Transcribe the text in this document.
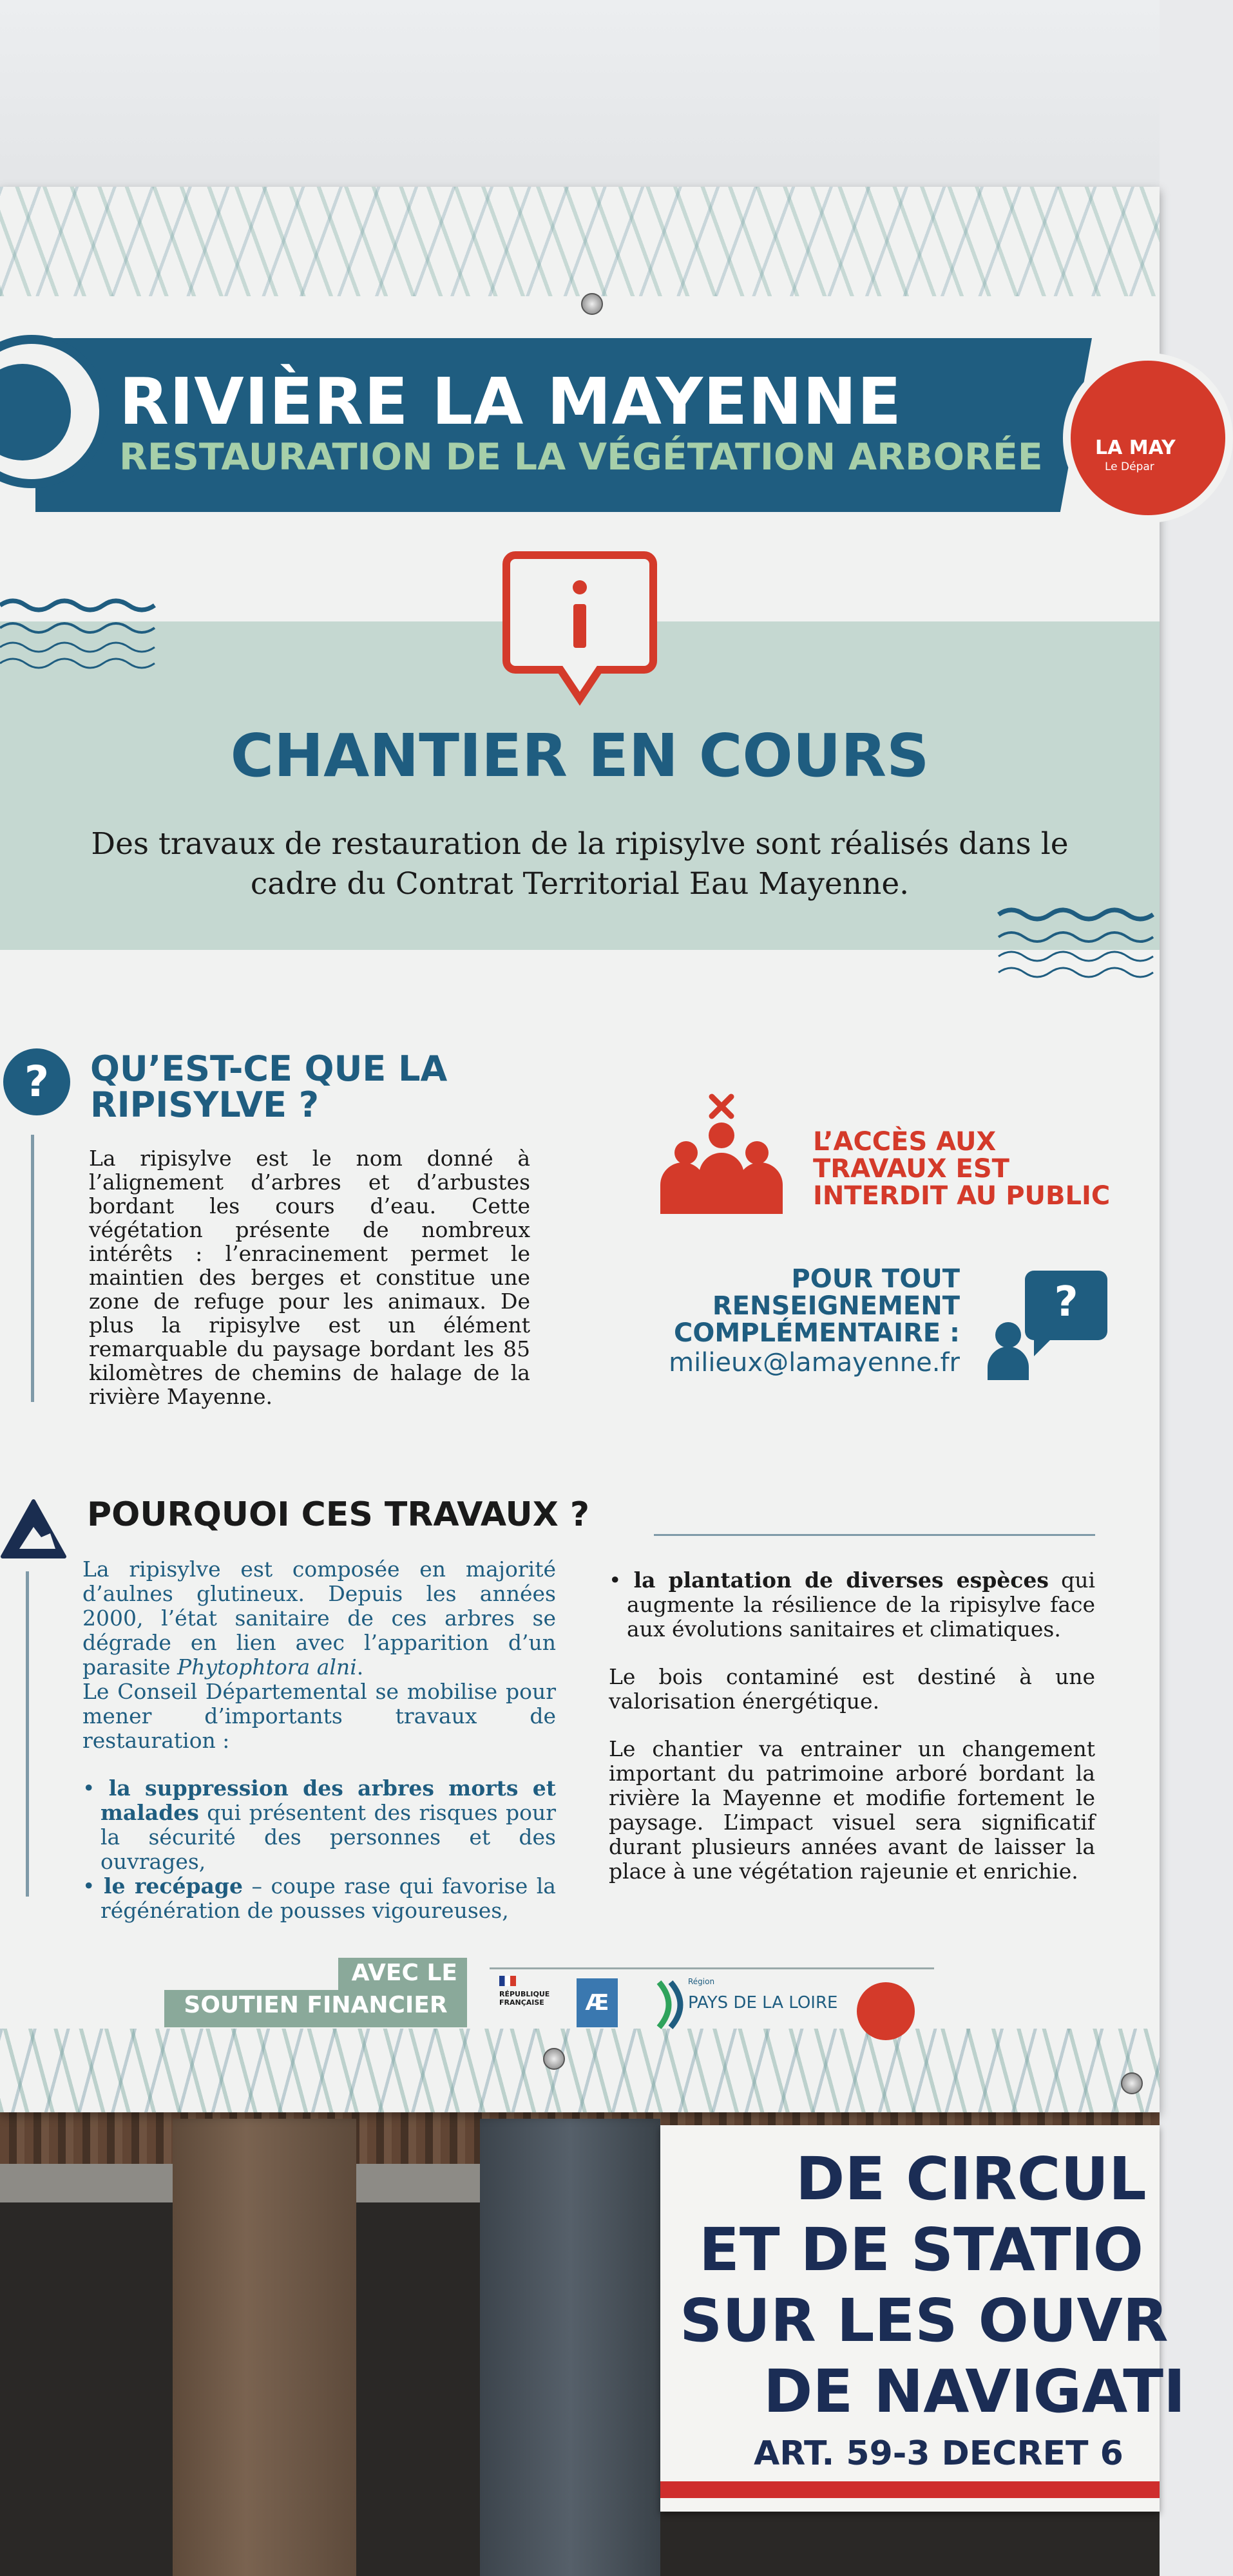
DE CIRCUL
ET DE STATIO
SUR LES OUVR
DE NAVIGATI
ART. 59-3 DECRET 6
RIVIÈRE LA MAYENNE
RESTAURATION DE LA VÉGÉTATION ARBORÉE	LA MAY
Le Dépar
CHANTIER EN COURS
Des travaux de restauration de la ripisylve sont réalisés dans le
cadre du Contrat Territorial Eau Mayenne.
?	QU’EST-CE QUE LA RIPISYLVE ?
La ripisylve est le nom donné à l’alignement d’arbres et d’arbustes bordant les cours d’eau. Cette végétation présente de nombreux intérêts : l’enracinement permet le maintien des berges et constitue une zone de refuge pour les animaux. De plus la ripisylve est un élément remarquable du paysage bordant les 85 kilomètres de chemins de halage de la rivière Mayenne.
L’ACCÈS AUX TRAVAUX EST INTERDIT AU PUBLIC
POUR TOUT RENSEIGNEMENT COMPLÉMENTAIRE :
milieux@lamayenne.fr
?
POURQUOI CES TRAVAUX ?

La ripisylve est composée en majorité d’aulnes glutineux. Depuis les années 2000, l’état sanitaire de ces arbres se dégrade en lien avec l’apparition d’un parasite Phytophtora alni.

Le Conseil Départemental se mobilise pour mener d’importants travaux de restauration :

• la suppression des arbres morts et malades qui présentent des risques pour la sécurité des personnes et des ouvrages,

• le recépage – coupe rase qui favorise la régénération de pousses vigoureuses,

• la plantation de diverses espèces qui augmente la résilience de la ripisylve face aux évolutions sanitaires et climatiques.

Le bois contaminé est destiné à une valorisation énergétique.

Le chantier va entrainer un changement important du patrimoine arboré bordant la rivière la Mayenne et modifie fortement le paysage. L’impact visuel sera significatif durant plusieurs années avant de laisser la place à une végétation rajeunie et enrichie.

AVEC LE
SOUTIEN FINANCIER	RÉPUBLIQUE FRANÇAISE	Æ
Région
PAYS DE LA LOIRE
